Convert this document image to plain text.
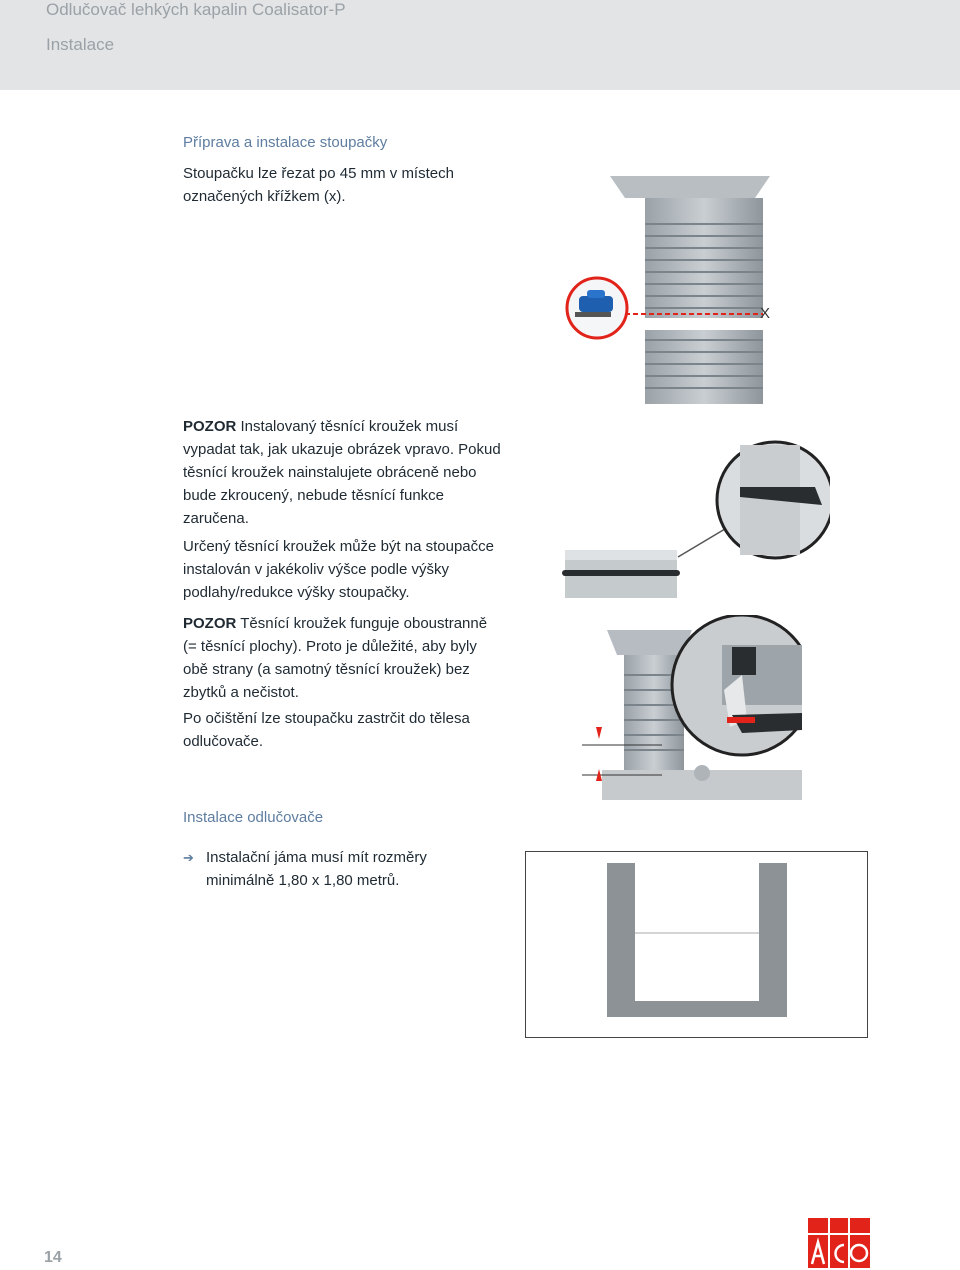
Odlučovač lehkých kapalin Coalisator-P
Instalace
Příprava a instalace stoupačky
Stoupačku lze řezat po 45 mm v místech
označených křížkem (x).

POZOR Instalovaný těsnící kroužek musí

vypadat tak, jak ukazuje obrázek vpravo. Pokud

těsnící kroužek nainstalujete obráceně nebo

bude zkroucený, nebude těsnící funkce

zaručena.

Určený těsnící kroužek může být na stoupačce

instalován v jakékoliv výšce podle výšky

podlahy/redukce výšky stoupačky.

POZOR Těsnící kroužek funguje oboustranně

(= těsnící plochy). Proto je důležité, aby byly

obě strany (a samotný těsnící kroužek) bez

zbytků a nečistot.

Po očištění lze stoupačku zastrčit do tělesa

odlučovače.

X
Instalace odlučovače
➔ Instalační jáma musí mít rozměry
minimálně 1,80 x 1,80 metrů.
14
